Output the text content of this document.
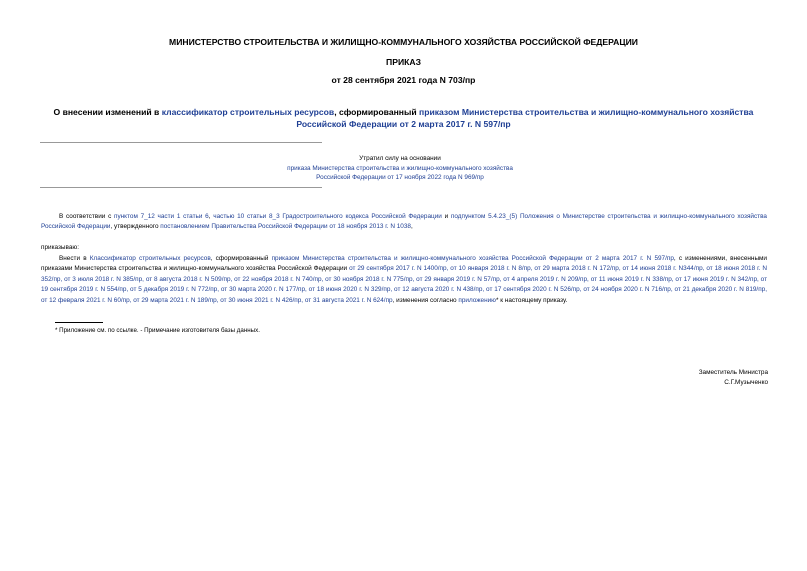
МИНИСТЕРСТВО СТРОИТЕЛЬСТВА И ЖИЛИЩНО-КОММУНАЛЬНОГО ХОЗЯЙСТВА РОССИЙСКОЙ ФЕДЕРАЦИИ
ПРИКАЗ
от 28 сентября 2021 года N 703/пр
О внесении изменений в классификатор строительных ресурсов, сформированный приказом Министерства строительства и жилищно-коммунального хозяйства Российской Федерации от 2 марта 2017 г. N 597/пр
Утратил силу на основании
приказа Министерства строительства и жилищно-коммунального хозяйства
Российской Федерации от 17 ноября 2022 года N 969/пр
В соответствии с пунктом 7_12 части 1 статьи 6, частью 10 статьи 8_3 Градостроительного кодекса Российской Федерации и подпунктом 5.4.23_(5) Положения о Министерстве строительства и жилищно-коммунального хозяйства Российской Федерации, утвержденного постановлением Правительства Российской Федерации от 18 ноября 2013 г. N 1038,
приказываю:
Внести в Классификатор строительных ресурсов, сформированный приказом Министерства строительства и жилищно-коммунального хозяйства Российской Федерации от 2 марта 2017 г. N 597/пр, с изменениями, внесенными приказами Министерства строительства и жилищно-коммунального хозяйства Российской Федерации от 29 сентября 2017 г. N 1400/пр, от 10 января 2018 г. N 8/пр, от 29 марта 2018 г. N 172/пр, от 14 июня 2018 г. N344/пр, от 18 июня 2018 г. N 352/пр, от 3 июля 2018 г. N 385/пр, от 8 августа 2018 г. N 509/пр, от 22 ноября 2018 г. N 740/пр, от 30 ноября 2018 г. N 775/пр, от 29 января 2019 г. N 57/пр, от 4 апреля 2019 г. N 209/пр, от 11 июня 2019 г. N 338/пр, от 17 июня 2019 г. N 342/пр, от 19 сентября 2019 г. N 554/пр, от 5 декабря 2019 г. N 772/пр, от 30 марта 2020 г. N 177/пр, от 18 июня 2020 г. N 329/пр, от 12 августа 2020 г. N 438/пр, от 17 сентября 2020 г. N 526/пр, от 24 ноября 2020 г. N 716/пр, от 21 декабря 2020 г. N 819/пр, от 12 февраля 2021 г. N 60/пр, от 29 марта 2021 г. N 189/пр, от 30 июня 2021 г. N 426/пр, от 31 августа 2021 г. N 624/пр, изменения согласно приложению* к настоящему приказу.
* Приложение см. по ссылке. - Примечание изготовителя базы данных.
Заместитель Министра
С.Г.Музыченко
